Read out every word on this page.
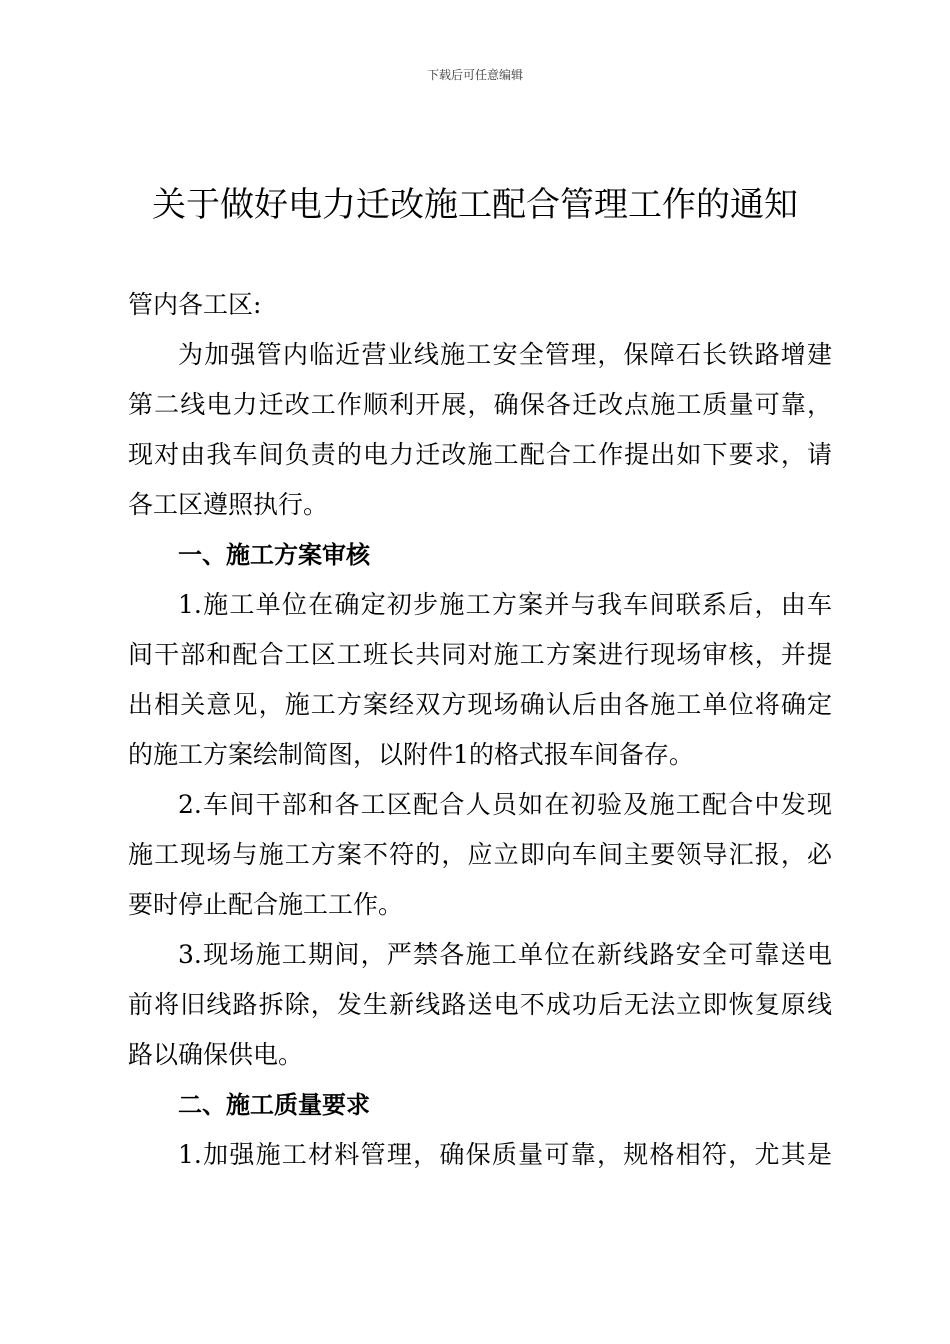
下载后可任意编辑
关于做好电力迁改施工配合管理工作的通知
管内各工区:
为加强管内临近营业线施工安全管理，保障石长铁路增建
第二线电力迁改工作顺利开展，确保各迁改点施工质量可靠，
现对由我车间负责的电力迁改施工配合工作提出如下要求，请
各工区遵照执行。
一、施工方案审核
1.施工单位在确定初步施工方案并与我车间联系后，由车
间干部和配合工区工班长共同对施工方案进行现场审核，并提
出相关意见，施工方案经双方现场确认后由各施工单位将确定
的施工方案绘制简图，以附件1的格式报车间备存。
2.车间干部和各工区配合人员如在初验及施工配合中发现
施工现场与施工方案不符的，应立即向车间主要领导汇报，必
要时停止配合施工工作。
3.现场施工期间，严禁各施工单位在新线路安全可靠送电
前将旧线路拆除，发生新线路送电不成功后无法立即恢复原线
路以确保供电。
二、施工质量要求
1.加强施工材料管理，确保质量可靠，规格相符，尤其是
